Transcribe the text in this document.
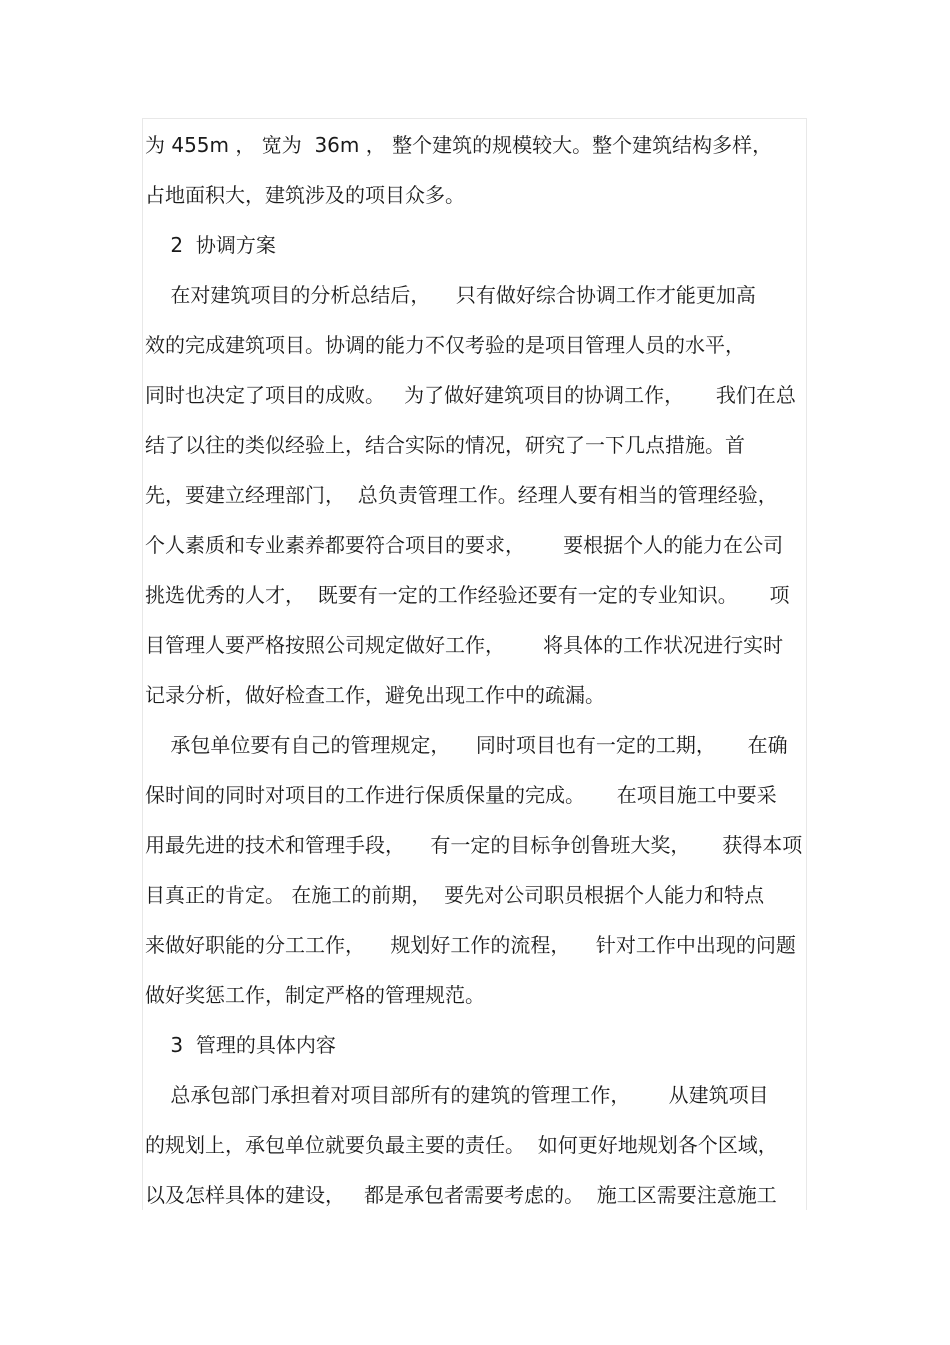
为 455m ， 宽为  36m ， 整个建筑的规模较大。整个建筑结构多样，
占地面积大，建筑涉及的项目众多。
2  协调方案
在对建筑项目的分析总结后，    只有做好综合协调工作才能更加高
效的完成建筑项目。协调的能力不仅考验的是项目管理人员的水平，
同时也决定了项目的成败。   为了做好建筑项目的协调工作，     我们在总
结了以往的类似经验上，结合实际的情况，研究了一下几点措施。首
先，要建立经理部门，  总负责管理工作。经理人要有相当的管理经验，
个人素质和专业素养都要符合项目的要求，      要根据个人的能力在公司
挑选优秀的人才，  既要有一定的工作经验还要有一定的专业知识。     项
目管理人要严格按照公司规定做好工作，      将具体的工作状况进行实时
记录分析，做好检查工作，避免出现工作中的疏漏。
承包单位要有自己的管理规定，    同时项目也有一定的工期，     在确
保时间的同时对项目的工作进行保质保量的完成。     在项目施工中要采
用最先进的技术和管理手段，    有一定的目标争创鲁班大奖，     获得本项
目真正的肯定。 在施工的前期，  要先对公司职员根据个人能力和特点
来做好职能的分工工作，    规划好工作的流程，    针对工作中出现的问题
做好奖惩工作，制定严格的管理规范。
3  管理的具体内容
总承包部门承担着对项目部所有的建筑的管理工作，      从建筑项目
的规划上，承包单位就要负最主要的责任。  如何更好地规划各个区域，
以及怎样具体的建设，   都是承包者需要考虑的。  施工区需要注意施工
